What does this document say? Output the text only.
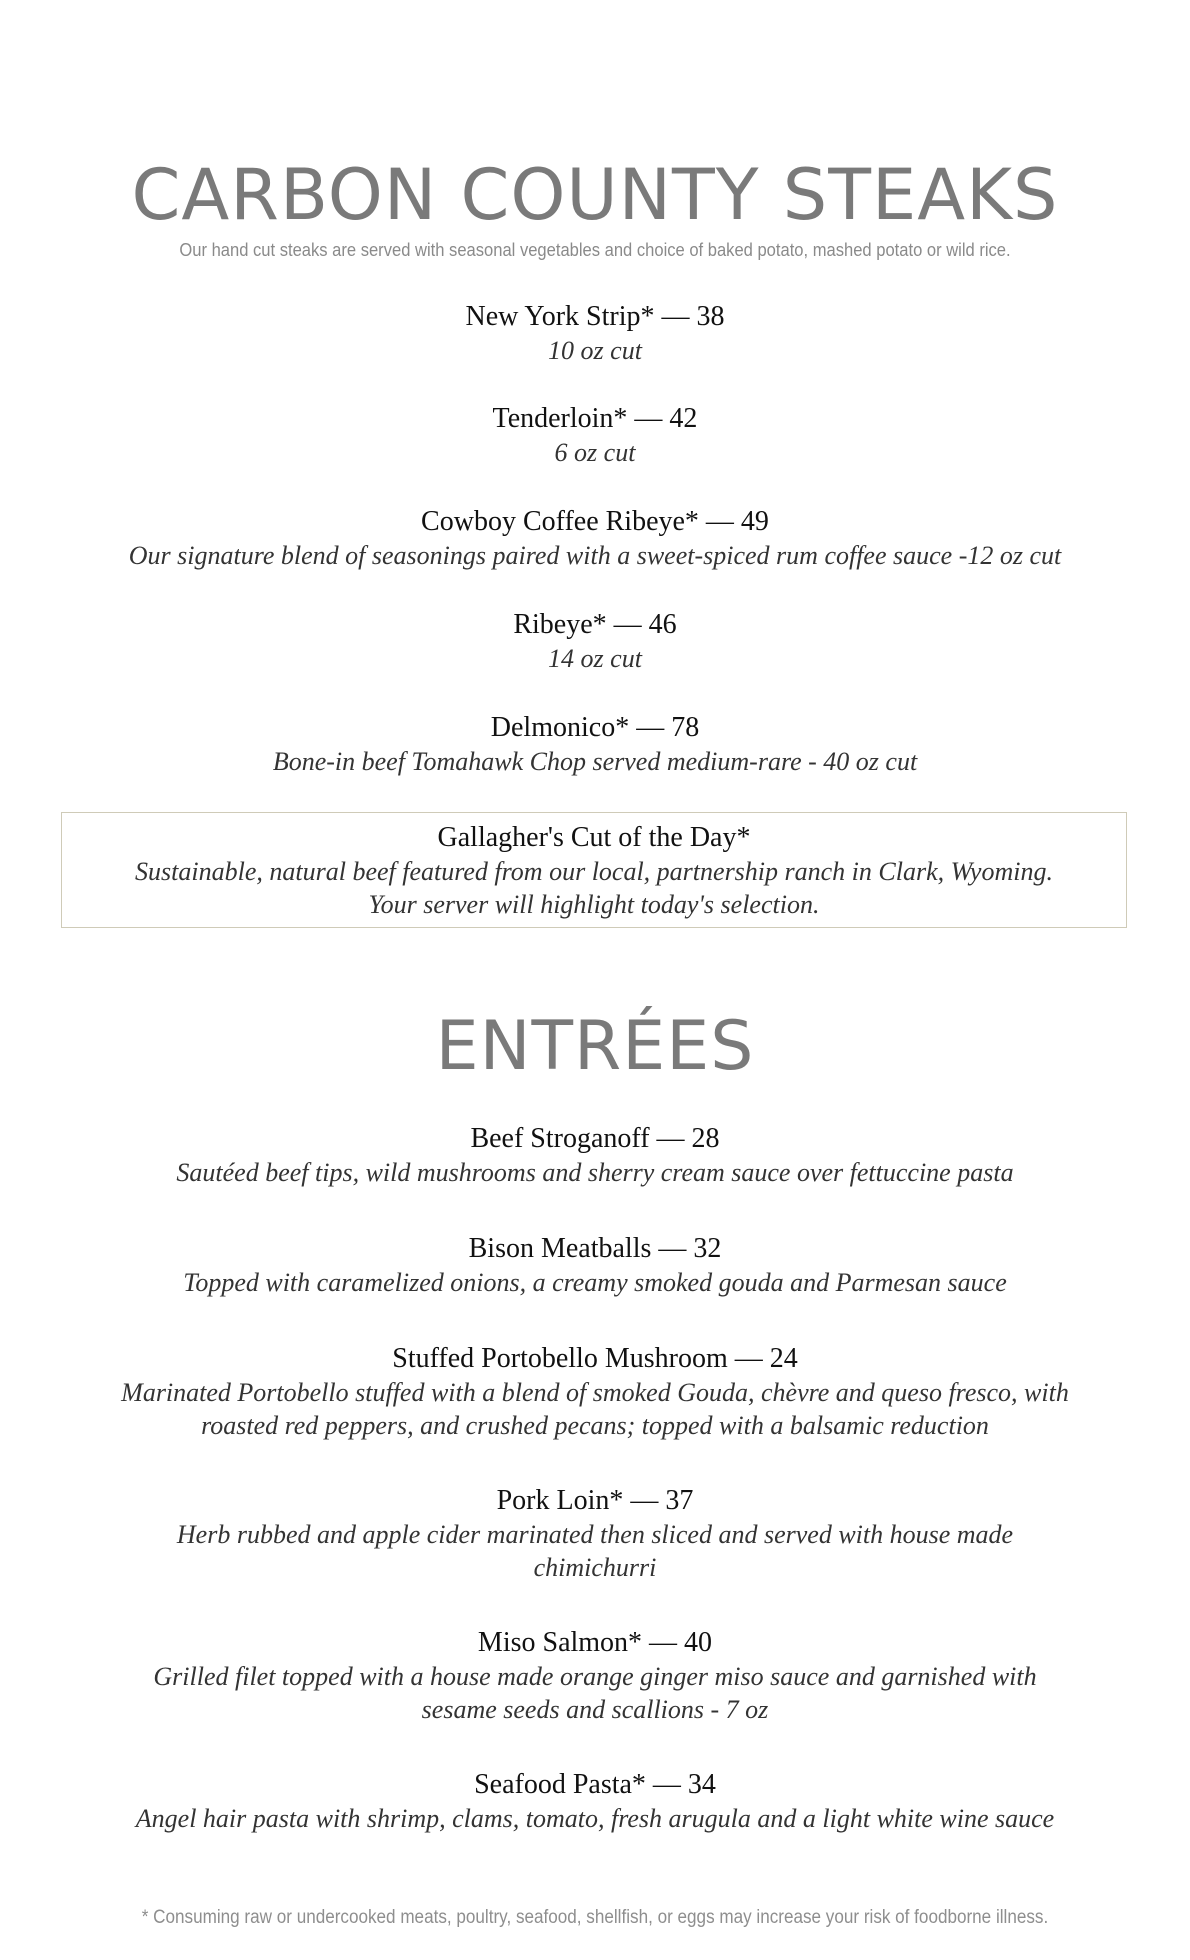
CARBON COUNTY STEAKS
Our hand cut steaks are served with seasonal vegetables and choice of baked potato, mashed potato or wild rice.

New York Strip* — 38

10 oz cut

Tenderloin* — 42

6 oz cut

Cowboy Coffee Ribeye* — 49

Our signature blend of seasonings paired with a sweet-spiced rum coffee sauce -12 oz cut

Ribeye* — 46

14 oz cut

Delmonico* — 78

Bone-in beef Tomahawk Chop served medium-rare - 40 oz cut

Gallagher's Cut of the Day*

Sustainable, natural beef featured from our local, partnership ranch in Clark, Wyoming.

Your server will highlight today's selection.

ENTRÉES

Beef Stroganoff — 28

Sautéed beef tips, wild mushrooms and sherry cream sauce over fettuccine pasta

Bison Meatballs — 32

Topped with caramelized onions, a creamy smoked gouda and Parmesan sauce

Stuffed Portobello Mushroom — 24

Marinated Portobello stuffed with a blend of smoked Gouda, chèvre and queso fresco, with

roasted red peppers, and crushed pecans; topped with a balsamic reduction

Pork Loin* — 37

Herb rubbed and apple cider marinated then sliced and served with house made

chimichurri

Miso Salmon* — 40

Grilled filet topped with a house made orange ginger miso sauce and garnished with

sesame seeds and scallions - 7 oz

Seafood Pasta* — 34

Angel hair pasta with shrimp, clams, tomato, fresh arugula and a light white wine sauce

* Consuming raw or undercooked meats, poultry, seafood, shellfish, or eggs may increase your risk of foodborne illness.
